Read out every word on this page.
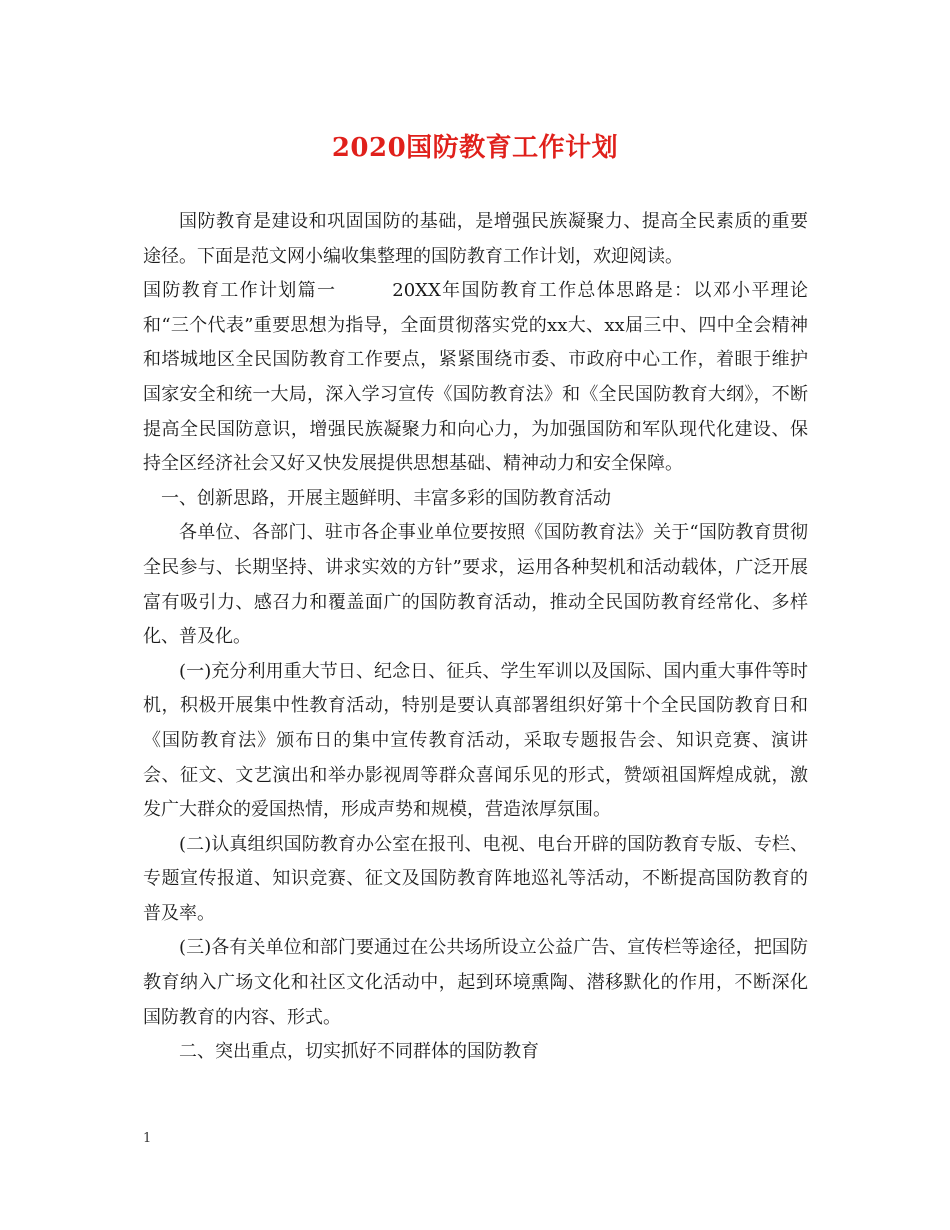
2020国防教育工作计划

国防教育是建设和巩固国防的基础，是增强民族凝聚力、提高全民素质的重要途径。下面是范文网小编收集整理的国防教育工作计划，欢迎阅读。

国防教育工作计划篇一	20XX年国防教育工作总体思路是：以邓小平理论和“三个代表”重要思想为指导，全面贯彻落实党的xx大、xx届三中、四中全会精神和塔城地区全民国防教育工作要点，紧紧围绕市委、市政府中心工作，着眼于维护国家安全和统一大局，深入学习宣传《国防教育法》和《全民国防教育大纲》，不断提高全民国防意识，增强民族凝聚力和向心力，为加强国防和军队现代化建设、保持全区经济社会又好又快发展提供思想基础、精神动力和安全保障。

一、创新思路，开展主题鲜明、丰富多彩的国防教育活动

各单位、各部门、驻市各企事业单位要按照《国防教育法》关于“国防教育贯彻全民参与、长期坚持、讲求实效的方针”要求，运用各种契机和活动载体，广泛开展富有吸引力、感召力和覆盖面广的国防教育活动，推动全民国防教育经常化、多样化、普及化。

(一)充分利用重大节日、纪念日、征兵、学生军训以及国际、国内重大事件等时机，积极开展集中性教育活动，特别是要认真部署组织好第十个全民国防教育日和《国防教育法》颁布日的集中宣传教育活动，采取专题报告会、知识竞赛、演讲会、征文、文艺演出和举办影视周等群众喜闻乐见的形式，赞颂祖国辉煌成就，激发广大群众的爱国热情，形成声势和规模，营造浓厚氛围。

(二)认真组织国防教育办公室在报刊、电视、电台开辟的国防教育专版、专栏、专题宣传报道、知识竞赛、征文及国防教育阵地巡礼等活动，不断提高国防教育的普及率。

(三)各有关单位和部门要通过在公共场所设立公益广告、宣传栏等途径，把国防教育纳入广场文化和社区文化活动中，起到环境熏陶、潜移默化的作用，不断深化国防教育的内容、形式。

二、突出重点，切实抓好不同群体的国防教育

1
